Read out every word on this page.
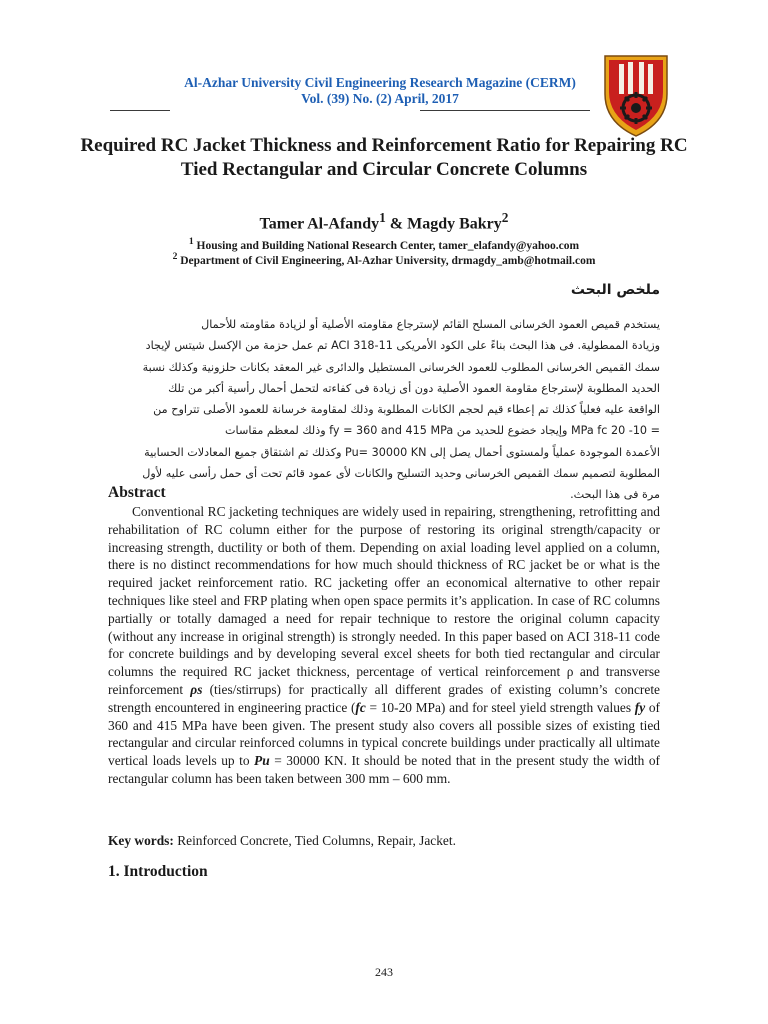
Al-Azhar University Civil Engineering Research Magazine (CERM)
Vol. (39) No. (2) April, 2017
Required RC Jacket Thickness and Reinforcement Ratio for Repairing RC Tied Rectangular and Circular Concrete Columns
Tamer Al-Afandy$^1$ & Magdy Bakry$^2$
$^1$ Housing and Building National Research Center, tamer_elafandy@yahoo.com
$^2$ Department of Civil Engineering, Al-Azhar University, drmagdy_amb@hotmail.com
ملخص البحث

يستخدم قميص العمود الخرسانى المسلح القائم لإسترجاع مقاومته الأصلية أو لزيادة مقاومته للأحمال

وزيادة الممطولية. فى هذا البحث بناءً على الكود الأمريكى ACI 318-11 تم عمل حزمة من الإكسل شيتس لإيجاد

سمك القميص الخرسانى المطلوب للعمود الخرسانى المستطيل والدائرى غير المعقد بكانات حلزونية وكذلك نسبة

الحديد المطلوبة لإسترجاع مقاومة العمود الأصلية دون أى زيادة فى كفاءته لتحمل أحمال رأسية أكبر من تلك

الواقعة عليه فعلياً كذلك تم إعطاء قيم لحجم الكانات المطلوبة وذلك لمقاومة خرسانة للعمود الأصلى تتراوح من

= 10- 20 MPa fc وإيجاد خضوع للحديد من fy = 360 and 415 MPa وذلك لمعظم مقاسات

الأعمدة الموجودة عملياً ولمستوى أحمال يصل إلى Pu= 30000 KN وكذلك تم اشتقاق جميع المعادلات الحسابية

المطلوبة لتصميم سمك القميص الخرسانى وحديد التسليح والكانات لأى عمود قائم تحت أى حمل رأسى عليه لأول

مرة فى هذا البحث.

Abstract

Conventional RC jacketing techniques are widely used in repairing, strengthening, retrofitting and rehabilitation of RC column either for the purpose of restoring its original strength/capacity or increasing strength, ductility or both of them. Depending on axial loading level applied on a column, there is no distinct recommendations for how much should thickness of RC jacket be or what is the required jacket reinforcement ratio. RC jacketing offer an economical alternative to other repair techniques like steel and FRP plating when open space permits it’s application. In case of RC columns partially or totally damaged a need for repair technique to restore the original column capacity (without any increase in original strength) is strongly needed. In this paper based on ACI 318-11 code for concrete buildings and by developing several excel sheets for both tied rectangular and circular columns the required RC jacket thickness, percentage of vertical reinforcement ρ and transverse reinforcement ρs (ties/stirrups) for practically all different grades of existing column’s concrete strength encountered in engineering practice (fc = 10-20 MPa) and for steel yield strength values fy of 360 and 415 MPa have been given. The present study also covers all possible sizes of existing tied rectangular and circular reinforced columns in typical concrete buildings under practically all ultimate vertical loads levels up to Pu = 30000 KN. It should be noted that in the present study the width of rectangular column has been taken between 300 mm – 600 mm.

Key words: Reinforced Concrete, Tied Columns, Repair, Jacket.
1. Introduction
243
